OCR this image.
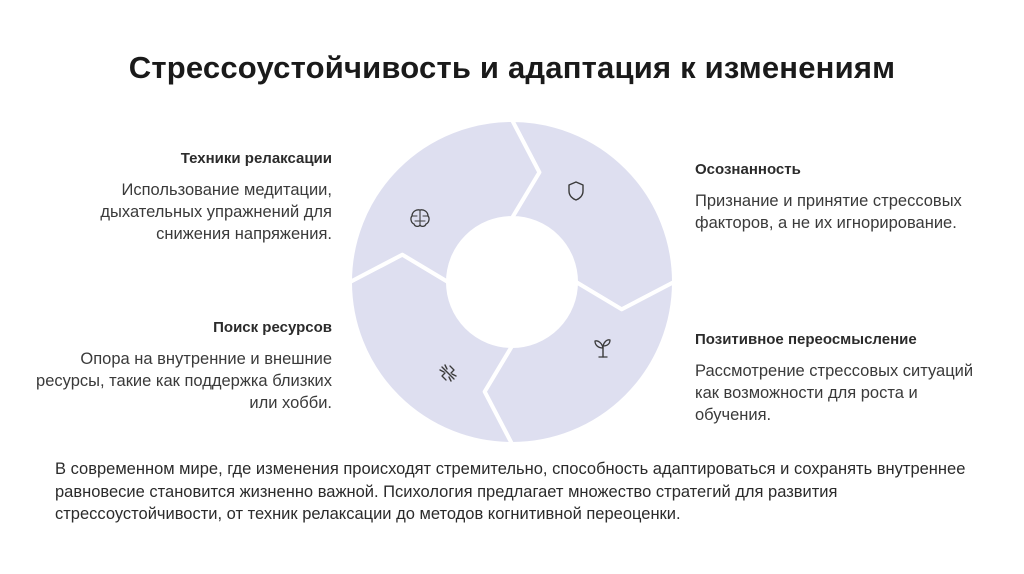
Стрессоустойчивость и адаптация к изменениям
Техники релаксации
Использование медитации, дыхательных упражнений для снижения напряжения.
Поиск ресурсов
Опора на внутренние и внешние ресурсы, такие как поддержка близких или хобби.
Осознанность
Признание и принятие стрессовых факторов, а не их игнорирование.
Позитивное переосмысление
Рассмотрение стрессовых ситуаций как возможности для роста и обучения.
В современном мире, где изменения происходят стремительно, способность адаптироваться и сохранять внутреннее равновесие становится жизненно важной. Психология предлагает множество стратегий для развития стрессоустойчивости, от техник релаксации до методов когнитивной переоценки.
